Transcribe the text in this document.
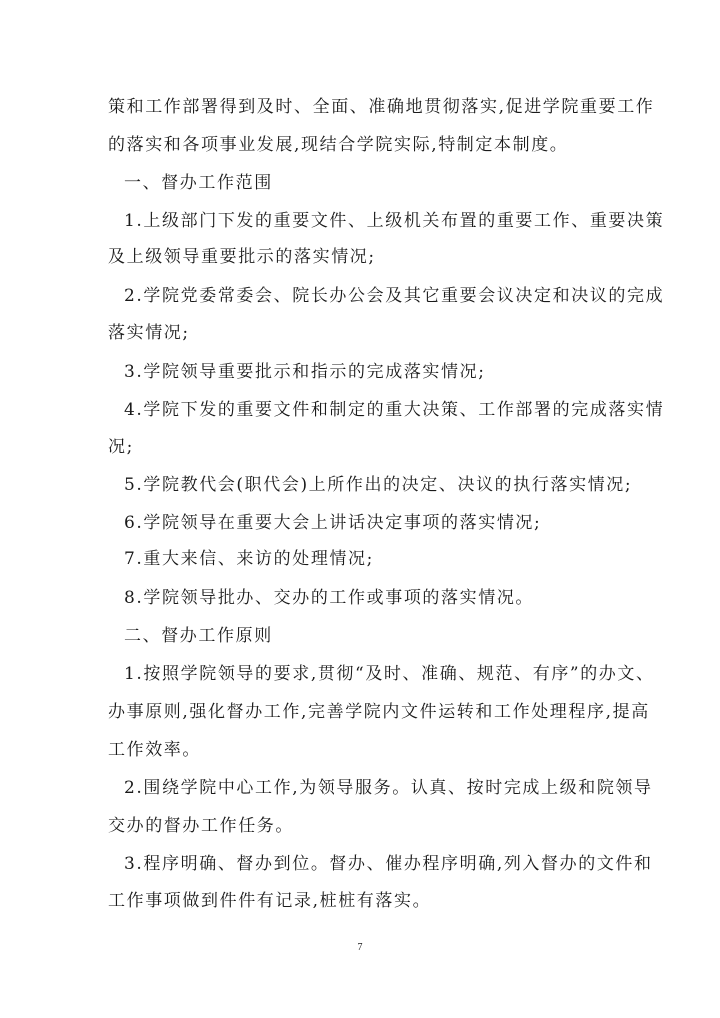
策和工作部署得到及时、全面、准确地贯彻落实,促进学院重要工作
的落实和各项事业发展,现结合学院实际,特制定本制度。
一、督办工作范围
1.上级部门下发的重要文件、上级机关布置的重要工作、重要决策
及上级领导重要批示的落实情况;
2.学院党委常委会、院长办公会及其它重要会议决定和决议的完成
落实情况;
3.学院领导重要批示和指示的完成落实情况;
4.学院下发的重要文件和制定的重大决策、工作部署的完成落实情
况;
5.学院教代会(职代会)上所作出的决定、决议的执行落实情况;
6.学院领导在重要大会上讲话决定事项的落实情况;
7.重大来信、来访的处理情况;
8.学院领导批办、交办的工作或事项的落实情况。
二、督办工作原则
1.按照学院领导的要求,贯彻“及时、准确、规范、有序”的办文、
办事原则,强化督办工作,完善学院内文件运转和工作处理程序,提高
工作效率。
2.围绕学院中心工作,为领导服务。认真、按时完成上级和院领导
交办的督办工作任务。
3.程序明确、督办到位。督办、催办程序明确,列入督办的文件和
工作事项做到件件有记录,桩桩有落实。
7
